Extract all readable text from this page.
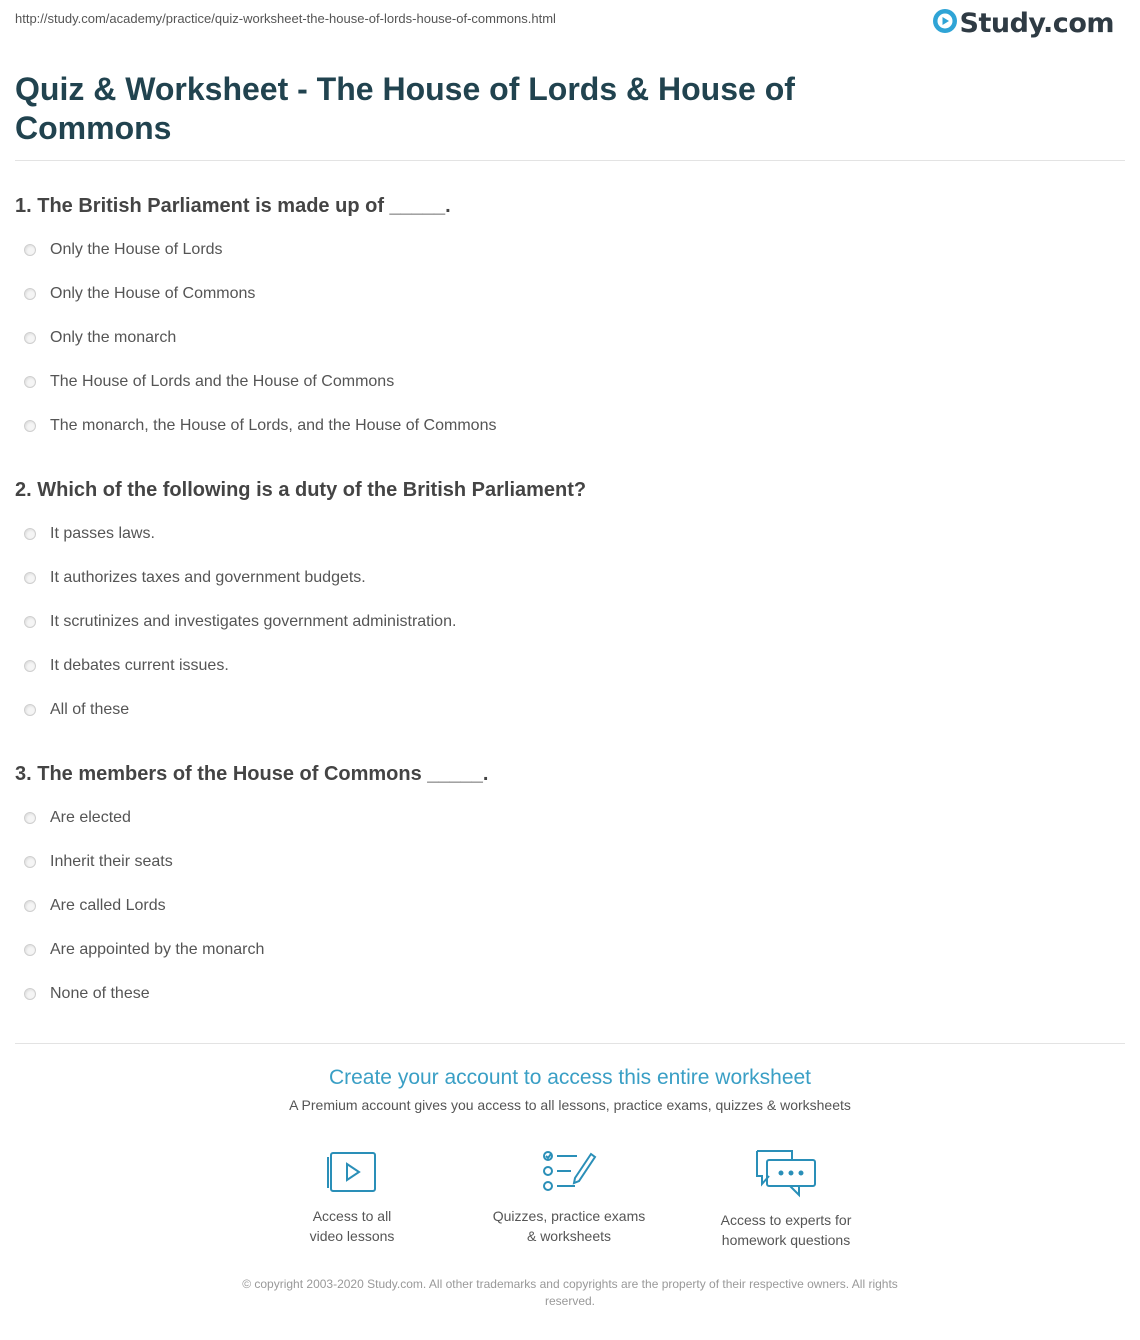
http://study.com/academy/practice/quiz-worksheet-the-house-of-lords-house-of-commons.html	Study.com
Quiz & Worksheet - The House of Lords & House of Commons
1. The British Parliament is made up of _____.
Only the House of Lords
Only the House of Commons
Only the monarch
The House of Lords and the House of Commons
The monarch, the House of Lords, and the House of Commons
2. Which of the following is a duty of the British Parliament?
It passes laws.
It authorizes taxes and government budgets.
It scrutinizes and investigates government administration.
It debates current issues.
All of these
3. The members of the House of Commons _____.
Are elected
Inherit their seats
Are called Lords
Are appointed by the monarch
None of these
Create your account to access this entire worksheet
A Premium account gives you access to all lessons, practice exams, quizzes & worksheets
Access to all
video lessons
Quizzes, practice exams
& worksheets
Access to experts for
homework questions
© copyright 2003-2020 Study.com. All other trademarks and copyrights are the property of their respective owners. All rights
reserved.
